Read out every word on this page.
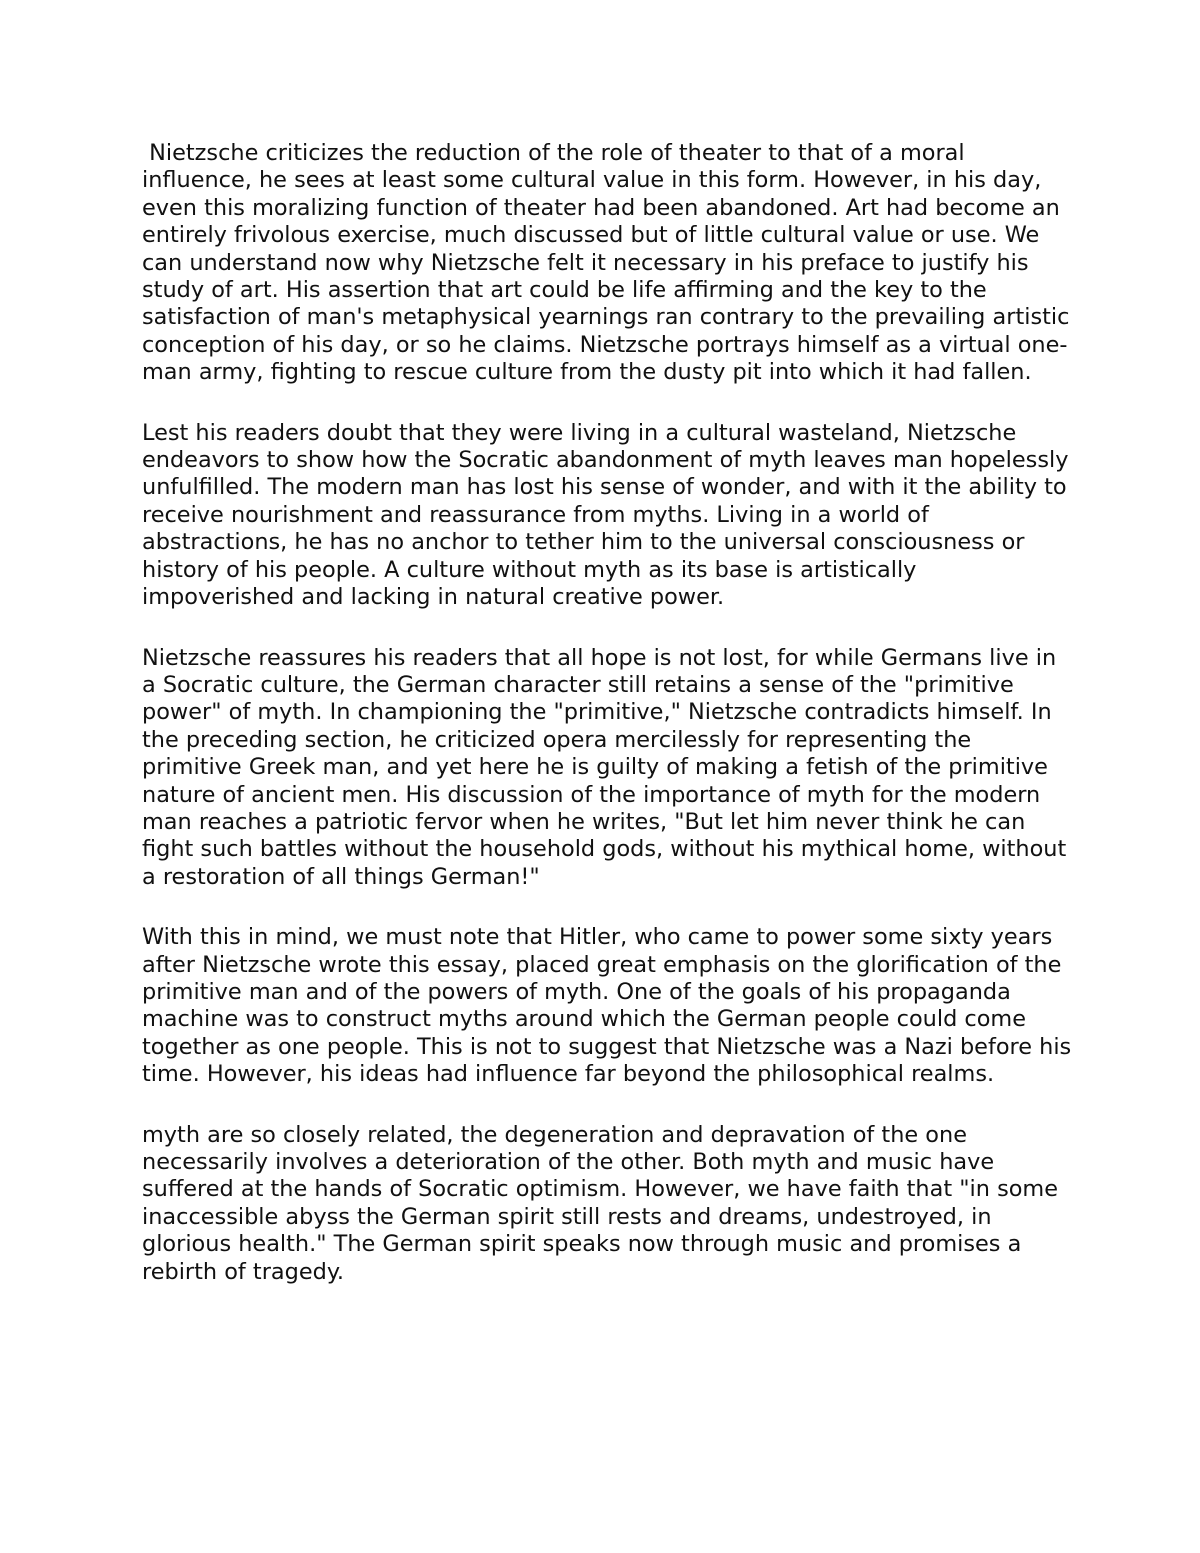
Nietzsche criticizes the reduction of the role of theater to that of a moral influence, he sees at least some cultural value in this form. However, in his day, even this moralizing function of theater had been abandoned. Art had become an entirely frivolous exercise, much discussed but of little cultural value or use. We can understand now why Nietzsche felt it necessary in his preface to justify his study of art. His assertion that art could be life affirming and the key to the satisfaction of man's metaphysical yearnings ran contrary to the prevailing artistic conception of his day, or so he claims. Nietzsche portrays himself as a virtual one-man army, fighting to rescue culture from the dusty pit into which it had fallen.

Lest his readers doubt that they were living in a cultural wasteland, Nietzsche endeavors to show how the Socratic abandonment of myth leaves man hopelessly unfulfilled. The modern man has lost his sense of wonder, and with it the ability to receive nourishment and reassurance from myths. Living in a world of abstractions, he has no anchor to tether him to the universal consciousness or history of his people. A culture without myth as its base is artistically impoverished and lacking in natural creative power.

Nietzsche reassures his readers that all hope is not lost, for while Germans live in a Socratic culture, the German character still retains a sense of the "primitive power" of myth. In championing the "primitive," Nietzsche contradicts himself. In the preceding section, he criticized opera mercilessly for representing the primitive Greek man, and yet here he is guilty of making a fetish of the primitive nature of ancient men. His discussion of the importance of myth for the modern man reaches a patriotic fervor when he writes, "But let him never think he can fight such battles without the household gods, without his mythical home, without a restoration of all things German!"

With this in mind, we must note that Hitler, who came to power some sixty years after Nietzsche wrote this essay, placed great emphasis on the glorification of the primitive man and of the powers of myth. One of the goals of his propaganda machine was to construct myths around which the German people could come together as one people. This is not to suggest that Nietzsche was a Nazi before his time. However, his ideas had influence far beyond the philosophical realms.

myth are so closely related, the degeneration and depravation of the one necessarily involves a deterioration of the other. Both myth and music have suffered at the hands of Socratic optimism. However, we have faith that "in some inaccessible abyss the German spirit still rests and dreams, undestroyed, in glorious health." The German spirit speaks now through music and promises a rebirth of tragedy.
